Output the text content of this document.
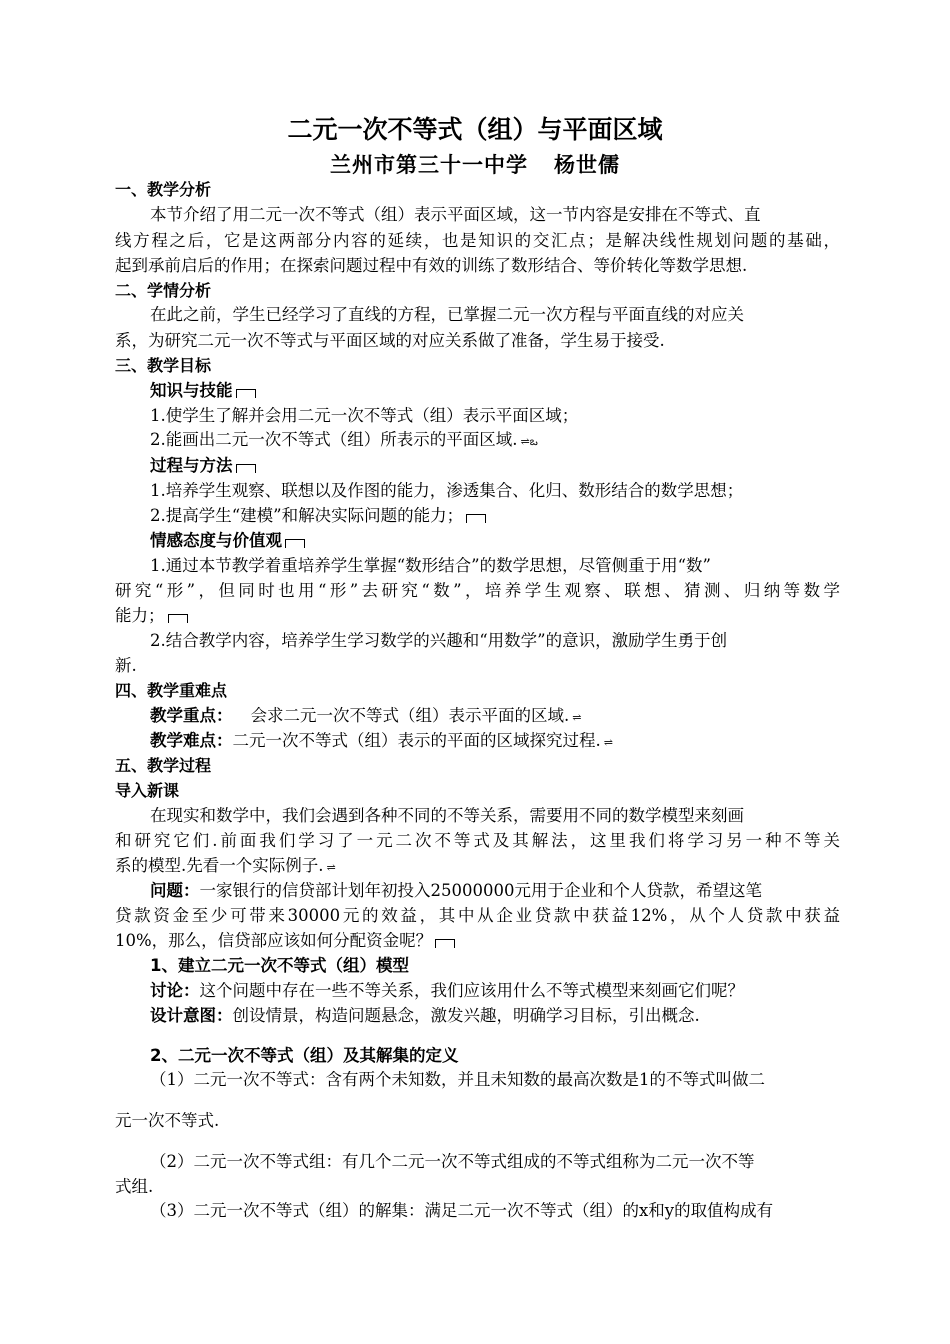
二元一次不等式（组）与平面区域
兰州市第三十一中学 杨世儒
一、教学分析
本节介绍了用二元一次不等式（组）表示平面区域，这一节内容是安排在不等式、直
线方程之后，它是这两部分内容的延续，也是知识的交汇点；是解决线性规划问题的基础，
起到承前启后的作用；在探索问题过程中有效的训练了数形结合、等价转化等数学思想.
二、学情分析
在此之前，学生已经学习了直线的方程，已掌握二元一次方程与平面直线的对应关
系，为研究二元一次不等式与平面区域的对应关系做了准备，学生易于接受.
三、教学目标
知识与技能
1.使学生了解并会用二元一次不等式（组）表示平面区域；
2.能画出二元一次不等式（组）所表示的平面区域. ⇌ఒ
过程与方法
1.培养学生观察、联想以及作图的能力，渗透集合、化归、数形结合的数学思想；
2.提高学生“建模”和解决实际问题的能力；
情感态度与价值观
1.通过本节教学着重培养学生掌握“数形结合”的数学思想，尽管侧重于用“数”
研究“形”，但同时也用“形”去研究“数”，培养学生观察、联想、猜测、归纳等数学
能力；
2.结合教学内容，培养学生学习数学的兴趣和“用数学”的意识，激励学生勇于创
新.
四、教学重难点
教学重点： 会求二元一次不等式（组）表示平面的区域. ⇌
教学难点：二元一次不等式（组）表示的平面的区域探究过程. ⇌
五、教学过程
导入新课
在现实和数学中，我们会遇到各种不同的不等关系，需要用不同的数学模型来刻画
和研究它们.前面我们学习了一元二次不等式及其解法，这里我们将学习另一种不等关
系的模型.先看一个实际例子. ⇌
问题：一家银行的信贷部计划年初投入25000000元用于企业和个人贷款，希望这笔
贷款资金至少可带来30000元的效益，其中从企业贷款中获益12%，从个人贷款中获益
10%，那么，信贷部应该如何分配资金呢？
1、建立二元一次不等式（组）模型
讨论：这个问题中存在一些不等关系，我们应该用什么不等式模型来刻画它们呢？
设计意图：创设情景，构造问题悬念，激发兴趣，明确学习目标，引出概念.
2、二元一次不等式（组）及其解集的定义
（1）二元一次不等式：含有两个未知数，并且未知数的最高次数是1的不等式叫做二
元一次不等式.
（2）二元一次不等式组：有几个二元一次不等式组成的不等式组称为二元一次不等
式组.
（3）二元一次不等式（组）的解集：满足二元一次不等式（组）的x和y的取值构成有
